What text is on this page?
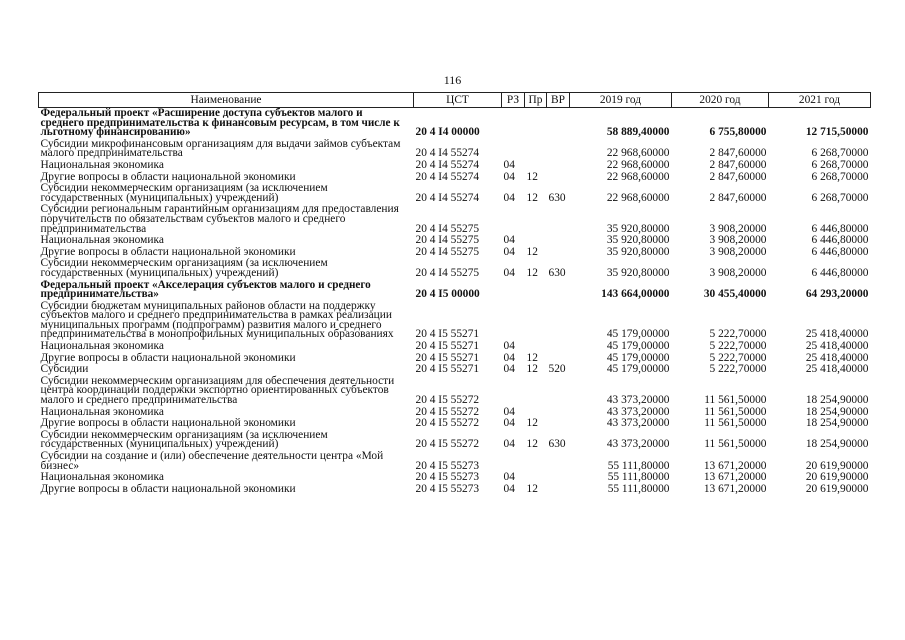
116
Наименование	ЦСТ	РЗ	Пр	ВР	2019 год	2020 год	2021 год
Федеральный проект «Расширение доступа субъектов малого и среднего предпринимательства к финансовым ресурсам, в том числе к льготному финансированию»	20 4 I4 00000				58 889,40000	6 755,80000	12 715,50000
Субсидии микрофинансовым организациям для выдачи займов субъектам малого предпринимательства	20 4 I4 55274				22 968,60000	2 847,60000	6 268,70000
Национальная экономика	20 4 I4 55274	04			22 968,60000	2 847,60000	6 268,70000
Другие вопросы в области национальной экономики	20 4 I4 55274	04	12		22 968,60000	2 847,60000	6 268,70000
Субсидии некоммерческим организациям (за исключением государственных (муниципальных) учреждений)	20 4 I4 55274	04	12	630	22 968,60000	2 847,60000	6 268,70000
Субсидии региональным гарантийным организациям для предоставления поручительств по обязательствам субъектов малого и среднего предпринимательства	20 4 I4 55275				35 920,80000	3 908,20000	6 446,80000
Национальная экономика	20 4 I4 55275	04			35 920,80000	3 908,20000	6 446,80000
Другие вопросы в области национальной экономики	20 4 I4 55275	04	12		35 920,80000	3 908,20000	6 446,80000
Субсидии некоммерческим организациям (за исключением государственных (муниципальных) учреждений)	20 4 I4 55275	04	12	630	35 920,80000	3 908,20000	6 446,80000
Федеральный проект «Акселерация субъектов малого и среднего предпринимательства»	20 4 I5 00000				143 664,00000	30 455,40000	64 293,20000
Субсидии бюджетам муниципальных районов области на поддержку субъектов малого и среднего предпринимательства в рамках реализации муниципальных программ (подпрограмм) развития малого и среднего предпринимательства в монопрофильных муниципальных образованиях	20 4 I5 55271				45 179,00000	5 222,70000	25 418,40000
Национальная экономика	20 4 I5 55271	04			45 179,00000	5 222,70000	25 418,40000
Другие вопросы в области национальной экономики	20 4 I5 55271	04	12		45 179,00000	5 222,70000	25 418,40000
Субсидии	20 4 I5 55271	04	12	520	45 179,00000	5 222,70000	25 418,40000
Субсидии некоммерческим организациям для обеспечения деятельности центра координации поддержки экспортно ориентированных субъектов малого и среднего предпринимательства	20 4 I5 55272				43 373,20000	11 561,50000	18 254,90000
Национальная экономика	20 4 I5 55272	04			43 373,20000	11 561,50000	18 254,90000
Другие вопросы в области национальной экономики	20 4 I5 55272	04	12		43 373,20000	11 561,50000	18 254,90000
Субсидии некоммерческим организациям (за исключением государственных (муниципальных) учреждений)	20 4 I5 55272	04	12	630	43 373,20000	11 561,50000	18 254,90000
Субсидии на создание и (или) обеспечение деятельности центра «Мой бизнес»	20 4 I5 55273				55 111,80000	13 671,20000	20 619,90000
Национальная экономика	20 4 I5 55273	04			55 111,80000	13 671,20000	20 619,90000
Другие вопросы в области национальной экономики	20 4 I5 55273	04	12		55 111,80000	13 671,20000	20 619,90000
